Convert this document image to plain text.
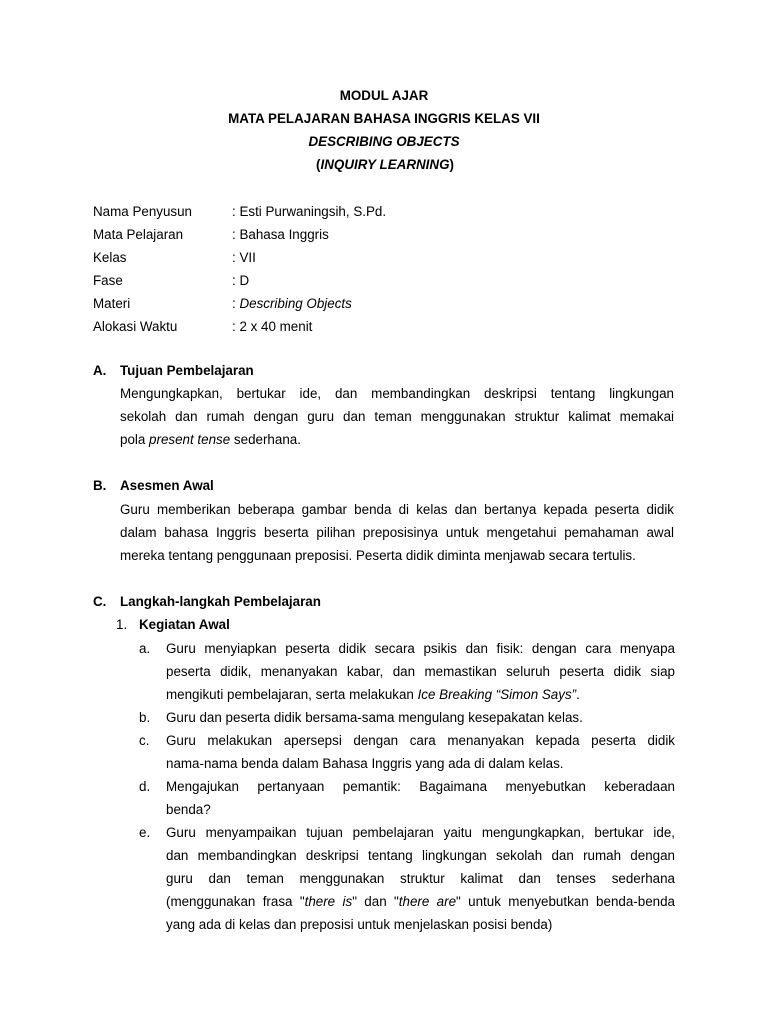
MODUL AJAR
MATA PELAJARAN BAHASA INGGRIS KELAS VII
DESCRIBING OBJECTS
(INQUIRY LEARNING)
Nama Penyusun	: Esti Purwaningsih, S.Pd.
Mata Pelajaran	: Bahasa Inggris
Kelas	: VII
Fase	: D
Materi	: Describing Objects
Alokasi Waktu	: 2 x 40 menit
A. Tujuan Pembelajaran
Mengungkapkan, bertukar ide, dan membandingkan deskripsi tentang lingkungan
sekolah dan rumah dengan guru dan teman menggunakan struktur kalimat memakai
pola present tense sederhana.
B. Asesmen Awal
Guru memberikan beberapa gambar benda di kelas dan bertanya kepada peserta didik
dalam bahasa Inggris beserta pilihan preposisinya untuk mengetahui pemahaman awal
mereka tentang penggunaan preposisi. Peserta didik diminta menjawab secara tertulis.
C. Langkah-langkah Pembelajaran
1. Kegiatan Awal
a.	Guru menyiapkan peserta didik secara psikis dan fisik: dengan cara menyapa
peserta didik, menanyakan kabar, dan memastikan seluruh peserta didik siap
mengikuti pembelajaran, serta melakukan Ice Breaking “Simon Says”.
b.	Guru dan peserta didik bersama-sama mengulang kesepakatan kelas.
c.	Guru melakukan apersepsi dengan cara menanyakan kepada peserta didik
nama-nama benda dalam Bahasa Inggris yang ada di dalam kelas.
d.	Mengajukan pertanyaan pemantik: Bagaimana menyebutkan keberadaan
benda?
e.	Guru menyampaikan tujuan pembelajaran yaitu mengungkapkan, bertukar ide,
dan membandingkan deskripsi tentang lingkungan sekolah dan rumah dengan
guru dan teman menggunakan struktur kalimat dan tenses sederhana
(menggunakan frasa "there is" dan "there are" untuk menyebutkan benda-benda
yang ada di kelas dan preposisi untuk menjelaskan posisi benda)
